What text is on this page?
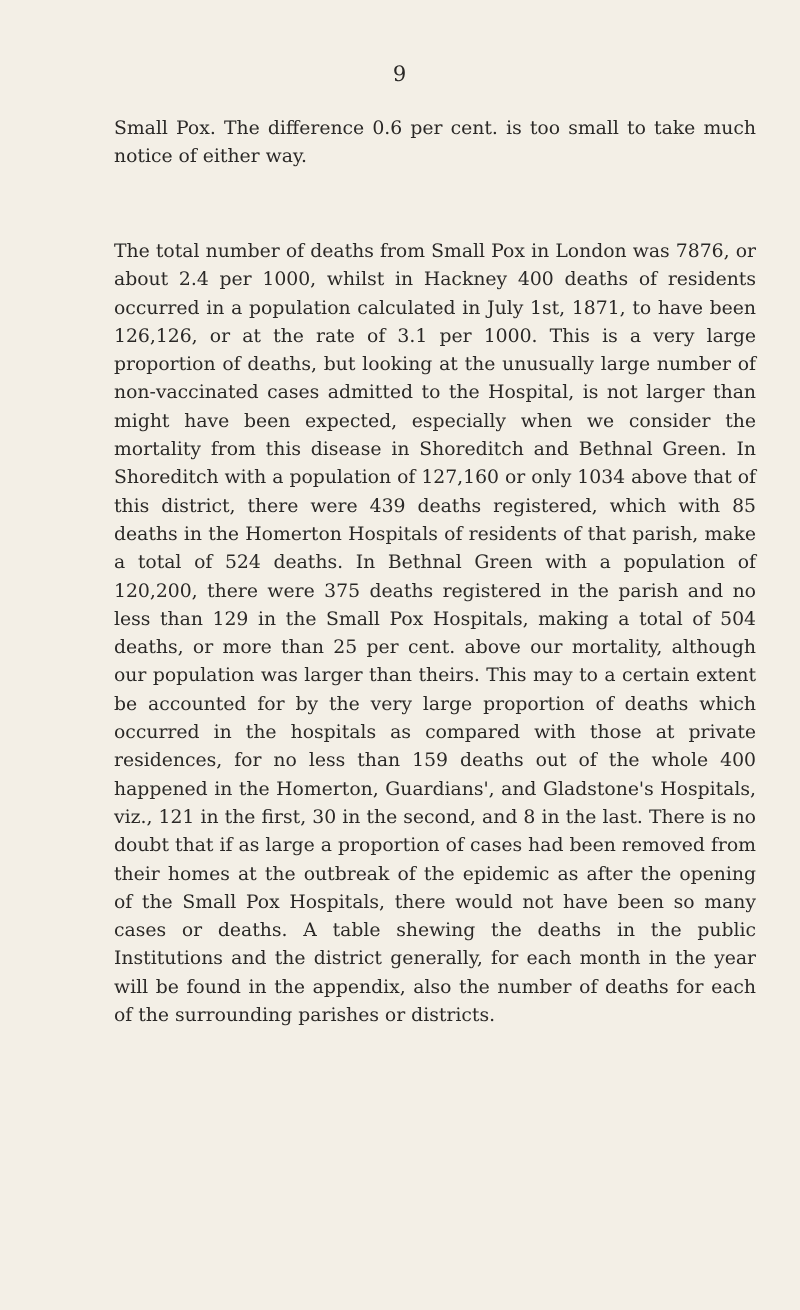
9

Small Pox. The difference 0.6 per cent. is too small to take much notice of either way.

The total number of deaths from Small Pox in London was 7876, or about 2.4 per 1000, whilst in Hackney 400 deaths of residents occurred in a population calculated in July 1st, 1871, to have been 126,126, or at the rate of 3.1 per 1000. This is a very large proportion of deaths, but looking at the unusually large number of non-vaccinated cases admitted to the Hospital, is not larger than might have been expected, especially when we consider the mortality from this disease in Shoreditch and Bethnal Green. In Shoreditch with a population of 127,160 or only 1034 above that of this district, there were 439 deaths registered, which with 85 deaths in the Homerton Hospitals of residents of that parish, make a total of 524 deaths. In Bethnal Green with a population of 120,200, there were 375 deaths registered in the parish and no less than 129 in the Small Pox Hospitals, making a total of 504 deaths, or more than 25 per cent. above our mortality, although our population was larger than theirs. This may to a certain extent be accounted for by the very large proportion of deaths which occurred in the hospitals as compared with those at private residences, for no less than 159 deaths out of the whole 400 happened in the Homerton, Guardians', and Gladstone's Hospitals, viz., 121 in the first, 30 in the second, and 8 in the last. There is no doubt that if as large a proportion of cases had been removed from their homes at the outbreak of the epidemic as after the opening of the Small Pox Hospitals, there would not have been so many cases or deaths. A table shewing the deaths in the public Institutions and the district generally, for each month in the year will be found in the appendix, also the number of deaths for each of the surrounding parishes or districts.
